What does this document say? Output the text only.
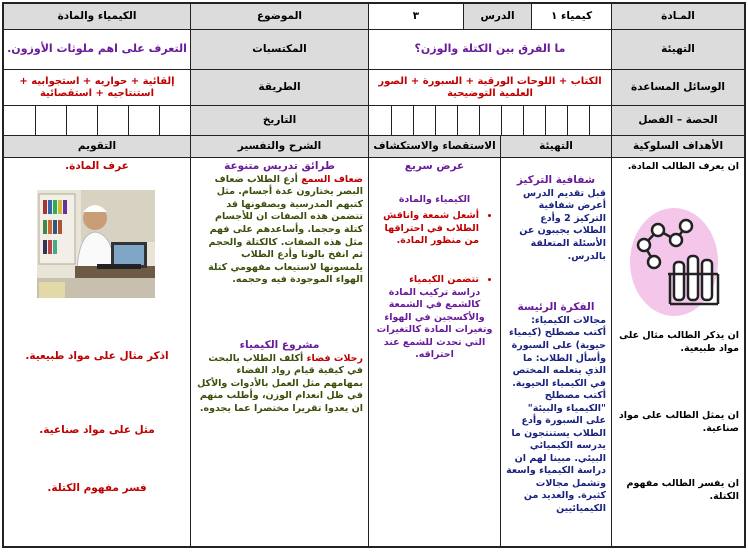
المـادة
كيمياء ١
الدرس
٣
الموضوع
الكيمياء والمادة
التهيئة
ما الفرق بين الكتلة والوزن؟
المكتسبات
التعرف على اهم ملوثات الأوزون.
الوسائل المساعدة
الكتاب + اللوحات الورقية + السبورة + الصور العلمية التوضيحية
الطريقة
إلقائية + حواريه + استجوابيه + استنتاجيه + استقصائية
الحصة – الفصل
التاريخ
الأهداف السلوكية
التهيئة
الاستقصاء والاستكشاف
الشرح والتفسير
التقويم
ان يعرف الطالب المادة.
ان يذكر الطالب مثال على مواد طبيعية.
ان يمثل الطالب على مواد صناعية.
ان يفسر الطالب مفهوم الكتلة.
شفافية التركيز
قبل تقديم الدرس أعرض شفافية التركيز 2 وأدع الطلاب يجيبون عن الأسئلة المتعلقة بالدرس.
الفكرة الرئيسة
مجالات الكيمياء: أكتب مصطلح (كيمياء حيوية) على السبورة وأسأل الطلاب: ما الذي يتعلمه المختص في الكيمياء الحيوية. أكتب مصطلح "الكيمياء والبيئة" على السبورة وأدع الطلاب يستنتجون ما يدرسه الكيميائي البيئي. مبينا لهم ان دراسة الكيمياء واسعة وتشمل مجالات كثيرة. والعديد من الكيميائيين
عرض سريع
الكيمياء والمادة
• أشعل شمعة واناقش الطلاب في احتراقها من منظور المادة.
• تتضمن الكيمياء
دراسة تركيب المادة كالشمع في الشمعة والأكسجين في الهواء وتغيرات المادة كالتغيرات التي تحدث للشمع عند احتراقه.
طرائق تدريس متنوعة
ضعاف السمع أدع الطلاب ضعاف البصر يختارون عدة أجسام. مثل كتبهم المدرسية ويصفونها قد تتضمن هذه الصفات ان للأجسام كتلة وحجما. وأساعدهم على فهم مثل هذه الصفات. كالكتلة والحجم ثم انفخ بالونا وأدع الطلاب يلمسونها لاستيعاب مفهومي كتلة الهواء الموجودة فيه وحجمه.
مشروع الكيمياء
رحلات فضاء أكلف الطلاب بالبحث في كيفية قيام رواد الفضاء بمهامهم مثل العمل بالأدوات والأكل في ظل انعدام الوزن، وأطلب منهم ان يعدوا تقريرا مختصرا عما يجدوه.
عرف المادة.
اذكر مثال على مواد طبيعية.
مثل على مواد صناعية.
فسر مفهوم الكتلة.
